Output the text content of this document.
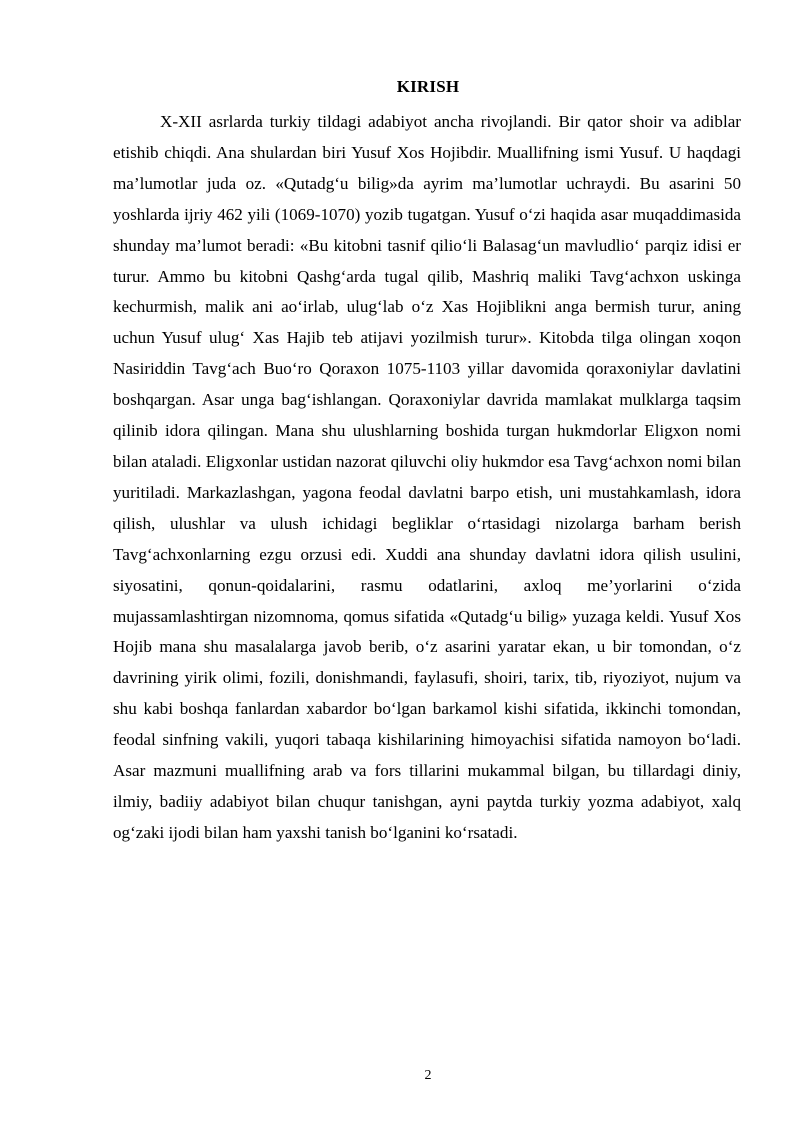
KIRISH

X-XII asrlarda turkiy tildagi adabiyot ancha rivojlandi. Bir qator shoir va adiblar etishib chiqdi. Ana shulardan biri Yusuf Xos Hojibdir. Muallifning ismi Yusuf. U haqdagi ma’lumotlar juda oz. «Qutadg‘u bilig»da ayrim ma’lumotlar uchraydi. Bu asarini 50 yoshlarda ijriy 462 yili (1069-1070) yozib tugatgan. Yusuf o‘zi haqida asar muqaddimasida shunday ma’lumot beradi: «Bu kitobni tasnif qilio‘li Balasag‘un mavludlio‘ parqiz idisi er turur. Ammo bu kitobni Qashg‘arda tugal qilib, Mashriq maliki Tavg‘achxon uskinga kechurmish, malik ani ao‘irlab, ulug‘lab o‘z Xas Hojiblikni anga bermish turur, aning uchun Yusuf ulug‘ Xas Hajib teb atijavi yozilmish turur». Kitobda tilga olingan xoqon Nasiriddin Tavg‘ach Buo‘ro Qoraxon 1075-1103 yillar davomida qoraxoniylar davlatini boshqargan. Asar unga bag‘ishlangan. Qoraxoniylar davrida mamlakat mulklarga taqsim qilinib idora qilingan. Mana shu ulushlarning boshida turgan hukmdorlar Eligxon nomi bilan ataladi. Eligxonlar ustidan nazorat qiluvchi oliy hukmdor esa Tavg‘achxon nomi bilan yuritiladi. Markazlashgan, yagona feodal davlatni barpo etish, uni mustahkamlash, idora qilish, ulushlar va ulush ichidagi begliklar o‘rtasidagi nizolarga barham berish Tavg‘achxonlarning ezgu orzusi edi. Xuddi ana shunday davlatni idora qilish usulini, siyosatini, qonun-qoidalarini, rasmu odatlarini, axloq me’yorlarini o‘zida mujassamlashtirgan nizomnoma, qomus sifatida «Qutadg‘u bilig» yuzaga keldi. Yusuf Xos Hojib mana shu masalalarga javob berib, o‘z asarini yaratar ekan, u bir tomondan, o‘z davrining yirik olimi, fozili, donishmandi, faylasufi, shoiri, tarix, tib, riyoziyot, nujum va shu kabi boshqa fanlardan xabardor bo‘lgan barkamol kishi sifatida, ikkinchi tomondan, feodal sinfning vakili, yuqori tabaqa kishilarining himoyachisi sifatida namoyon bo‘ladi. Asar mazmuni muallifning arab va fors tillarini mukammal bilgan, bu tillardagi diniy, ilmiy, badiiy adabiyot bilan chuqur tanishgan, ayni paytda turkiy yozma adabiyot, xalq og‘zaki ijodi bilan ham yaxshi tanish bo‘lganini ko‘rsatadi.

2
